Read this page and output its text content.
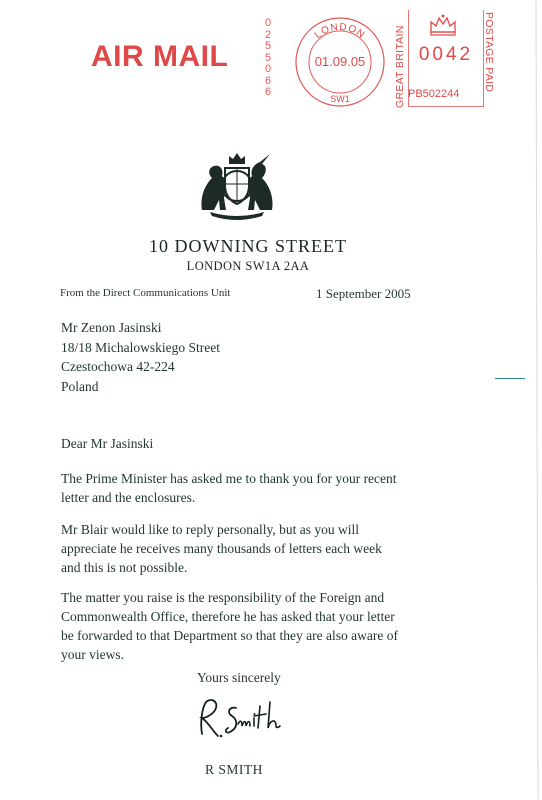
AIR MAIL
0255066
LONDON
SW1
01.09.05	GREAT BRITAIN 0042
PB502244
POSTAGE PAID
10 DOWNING STREET
LONDON SW1A 2AA
From the Direct Communications Unit	1 September 2005
Mr Zenon Jasinski
18/18 Michalowskiego Street
Czestochowa 42-224
Poland
Dear Mr Jasinski
The Prime Minister has asked me to thank you for your recent letter and the enclosures.
Mr Blair would like to reply personally, but as you will appreciate he receives many thousands of letters each week and this is not possible.
The matter you raise is the responsibility of the Foreign and Commonwealth Office, therefore he has asked that your letter be forwarded to that Department so that they are also aware of your views.
Yours sincerely
R SMITH
